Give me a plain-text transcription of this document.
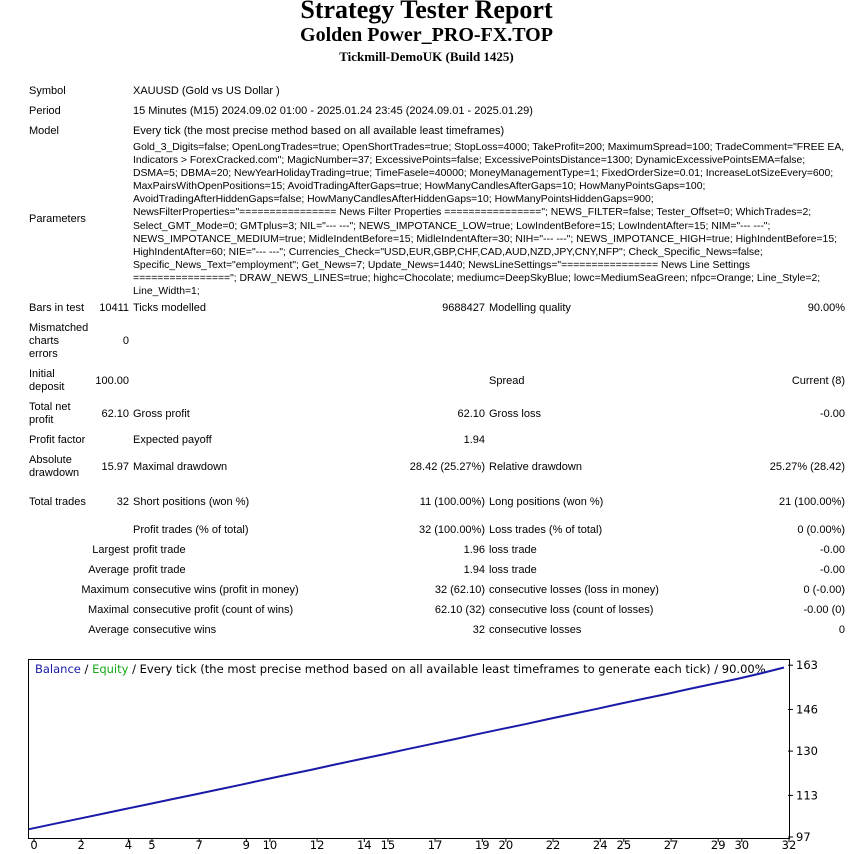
Strategy Tester Report
Golden Power_PRO-FX.TOP
Tickmill-DemoUK (Build 1425)
Symbol		XAUUSD (Gold vs US Dollar )			
Period		15 Minutes (M15) 2024.09.02 01:00 - 2025.01.24 23:45 (2024.09.01 - 2025.01.29)			
Model		Every tick (the most precise method based on all available least timeframes)			
Parameters		Gold_3_Digits=false; OpenLongTrades=true; OpenShortTrades=true; StopLoss=4000; TakeProfit=200; MaximumSpread=100; TradeComment="FREE EA, Indicators > ForexCracked.com"; MagicNumber=37; ExcessivePoints=false; ExcessivePointsDistance=1300; DynamicExcessivePointsEMA=false; DSMA=5; DBMA=20; NewYearHolidayTrading=true; TimeFasele=40000; MoneyManagementType=1; FixedOrderSize=0.01; IncreaseLotSizeEvery=600; MaxPairsWithOpenPositions=15; AvoidTradingAfterGaps=true; HowManyCandlesAfterGaps=10; HowManyPointsGaps=100; AvoidTradingAfterHiddenGaps=false; HowManyCandlesAfterHiddenGaps=10; HowManyPointsHiddenGaps=900; NewsFilterProperties="================ News Filter Properties ================"; NEWS_FILTER=false; Tester_Offset=0; WhichTrades=2; Select_GMT_Mode=0; GMTplus=3; NIL="--- ---"; NEWS_IMPOTANCE_LOW=true; LowIndentBefore=15; LowIndentAfter=15; NIM="--- ---"; NEWS_IMPOTANCE_MEDIUM=true; MidleIndentBefore=15; MidleIndentAfter=30; NIH="--- ---"; NEWS_IMPOTANCE_HIGH=true; HighIndentBefore=15; HighIndentAfter=60; NIE="--- ---"; Currencies_Check="USD,EUR,GBP,CHF,CAD,AUD,NZD,JPY,CNY,NFP"; Check_Specific_News=false; Specific_News_Text="employment"; Get_News=7; Update_News=1440; NewsLineSettings="================ News Line Settings ================"; DRAW_NEWS_LINES=true; highc=Chocolate; mediumc=DeepSkyBlue; lowc=MediumSeaGreen; nfpc=Orange; Line_Style=2; Line_Width=1;			
Bars in test	10411	Ticks modelled	9688427	Modelling quality	90.00%
Mismatched charts errors	0				
Initial deposit	100.00			Spread	Current (8)
Total net profit	62.10	Gross profit	62.10	Gross loss	-0.00
Profit factor		Expected payoff	1.94		
Absolute drawdown	15.97	Maximal drawdown	28.42 (25.27%)	Relative drawdown	25.27% (28.42)
Total trades	32	Short positions (won %)	11 (100.00%)	Long positions (won %)	21 (100.00%)
		Profit trades (% of total)	32 (100.00%)	Loss trades (% of total)	0 (0.00%)
Largest		profit trade	1.96	loss trade	-0.00
Average		profit trade	1.94	loss trade	-0.00
Maximum		consecutive wins (profit in money)	32 (62.10)	consecutive losses (loss in money)	0 (-0.00)
Maximal		consecutive profit (count of wins)	62.10 (32)	consecutive loss (count of losses)	-0.00 (0)
Average		consecutive wins	32	consecutive losses	0
Balance / Equity / Every tick (the most precise method based on all available least timeframes to generate each tick) / 90.00%
97
113
130
146
163
0	2	4 5	7	9 10	12	14 15	17	19 20	22	24 25	27	29 30	32
